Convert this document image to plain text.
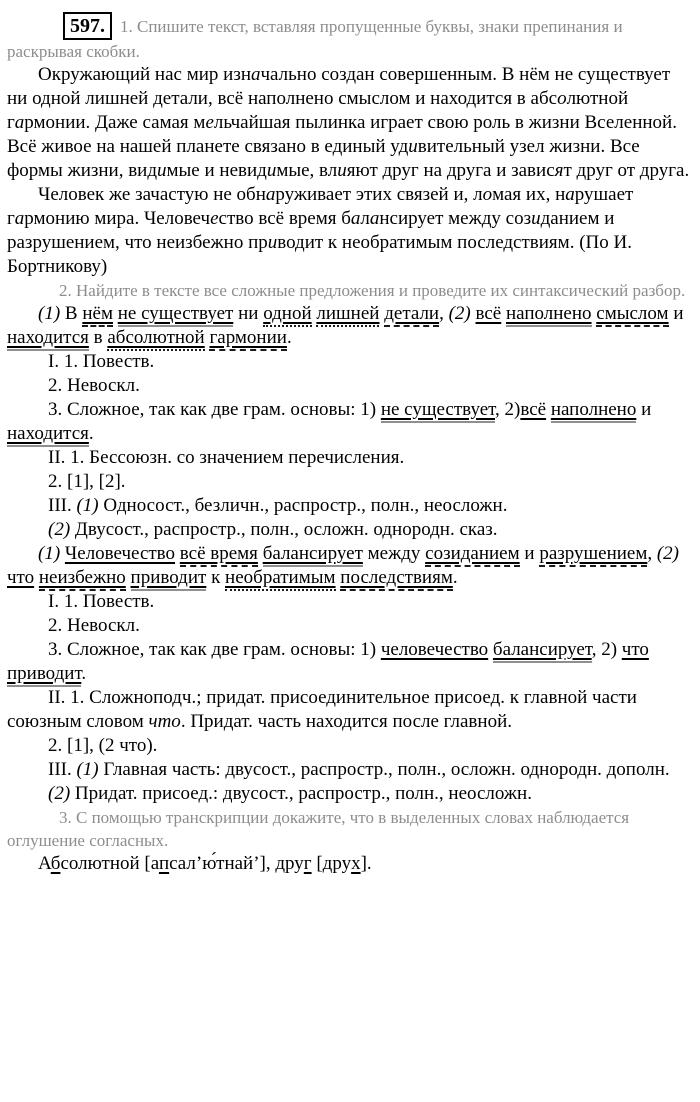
597. 1. Спишите текст, вставляя пропущенные буквы, знаки препинания и раскрывая скобки.

Окружающий нас мир изначально создан совершенным. В нём не существует ни одной лишней детали, всё наполнено смыслом и находится в абсолютной гармонии. Даже самая мельчайшая пылинка играет свою роль в жизни Вселенной. Всё живое на нашей планете связано в единый удивительный узел жизни. Все формы жизни, видимые и невидимые, влияют друг на друга и зависят друг от друга.

Человек же зачастую не обнаруживает этих связей и, ломая их, нарушает гармонию мира. Человечество всё время балансирует между созиданием и разрушением, что неизбежно приводит к необратимым последствиям. (По И. Бортникову)

2. Найдите в тексте все сложные предложения и проведите их синтаксический разбор.

(1) В нём не существует ни одной лишней детали, (2) всё наполнено смыслом и находится в абсолютной гармонии.

I. 1. Повеств.

2. Невоскл.

3. Сложное, так как две грам. основы: 1) не существует, 2)всё наполнено и находится.

II. 1. Бессоюзн. со значением перечисления.

2. [1], [2].

III. (1) Односост., безличн., распростр., полн., неосложн.

(2) Двусост., распростр., полн., осложн. однородн. сказ.

(1) Человечество всё время балансирует между созиданием и разрушением, (2) что неизбежно приводит к необратимым последствиям.

I. 1. Повеств.

2. Невоскл.

3. Сложное, так как две грам. основы: 1) человечество балансирует, 2) что приводит.

II. 1. Сложноподч.; придат. присоединительное присоед. к главной части союзным словом что. Придат. часть находится после главной.

2. [1], (2 что).

III. (1) Главная часть: двусост., распростр., полн., осложн. однородн. дополн.

(2) Придат. присоед.: двусост., распростр., полн., неосложн.

3. С помощью транскрипции докажите, что в выделенных словах наблюдается оглушение согласных.

Абсолютной [апсал’ю́тнай’], друг [друх].
